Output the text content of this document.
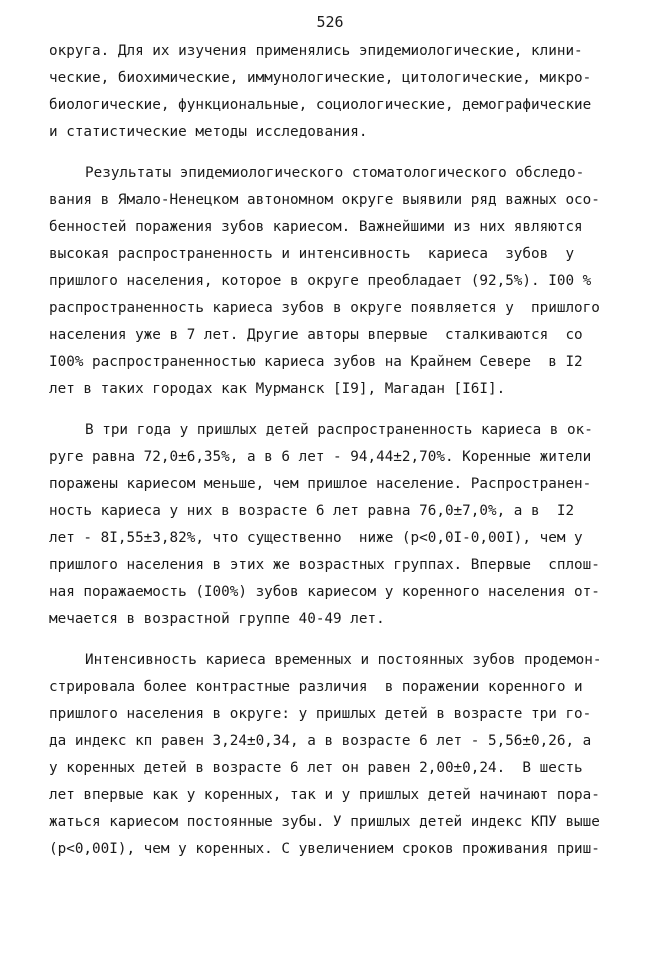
526
округа. Для их изучения применялись эпидемиологические, клини-
ческие, биохимические, иммунологические, цитологические, микро-
биологические, функциональные, социологические, демографические
и статистические методы исследования.
Результаты эпидемиологического стоматологического обследо-
вания в Ямало-Ненецком автономном округе выявили ряд важных осо-
бенностей поражения зубов кариесом. Важнейшими из них являются
высокая распространенность и интенсивность  кариеса  зубов  у
пришлого населения, которое в округе преобладает (92,5%). I00 %
распространенность кариеса зубов в округе появляется у  пришлого
населения уже в 7 лет. Другие авторы впервые  сталкиваются  со
I00% распространенностью кариеса зубов на Крайнем Севере  в I2
лет в таких городах как Мурманск [I9], Магадан [I6I].
В три года у пришлых детей распространенность кариеса в ок-
руге равна 72,0±6,35%, а в 6 лет - 94,44±2,70%. Коренные жители
поражены кариесом меньше, чем пришлое население. Распространен-
ность кариеса у них в возрасте 6 лет равна 76,0±7,0%, а в  I2
лет - 8I,55±3,82%, что существенно  ниже (p<0,0I-0,00I), чем у
пришлого населения в этих же возрастных группах. Впервые  сплош-
ная поражаемость (I00%) зубов кариесом у коренного населения от-
мечается в возрастной группе 40-49 лет.
Интенсивность кариеса временных и постоянных зубов продемон-
стрировала более контрастные различия  в поражении коренного и
пришлого населения в округе: у пришлых детей в возрасте три го-
да индекс кп равен 3,24±0,34, а в возрасте 6 лет - 5,56±0,26, а
у коренных детей в возрасте 6 лет он равен 2,00±0,24.  В шесть
лет впервые как у коренных, так и у пришлых детей начинают пора-
жаться кариесом постоянные зубы. У пришлых детей индекс КПУ выше
(p<0,00I), чем у коренных. С увеличением сроков проживания приш-
